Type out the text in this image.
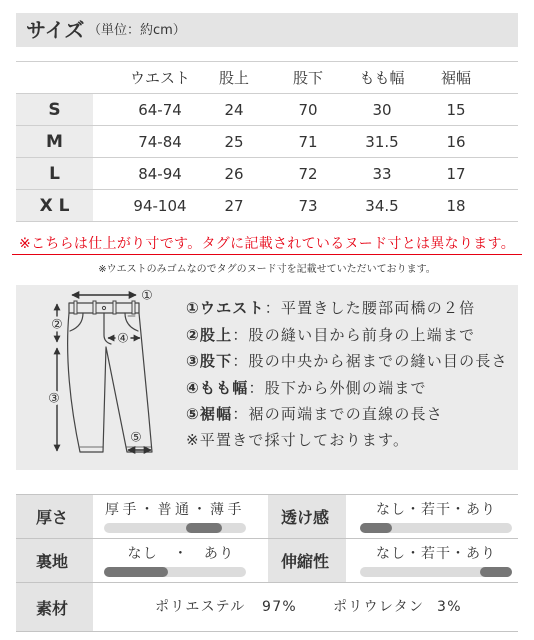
サイズ （単位：約cm）
ウエスト	股上	股下	もも幅	裾幅
S	64-74	24	70	30	15
M	74-84	25	71	31.5	16
L	84-94	26	72	33	17
X L	94-104	27	73	34.5	18
※こちらは仕上がり寸です。タグに記載されているヌード寸とは異なります。
※ウエストのみゴムなのでタグのヌード寸を記載せていただいております。
①
②
③
④
⑤
①ウエスト：平置きした腰部両橋の２倍
②股上：股の縫い目から前身の上端まで
③股下：股の中央から裾までの縫い目の長さ
④もも幅：股下から外側の端まで
⑤裾幅：裾の両端までの直線の長さ
※平置きで採寸しております。
厚さ	厚手・普通・薄手	透け感	なし・若干・あり
裏地	なし　・　あり	伸縮性	なし・若干・あり
素材	ポリエステル 97%	ポリウレタン 3%
